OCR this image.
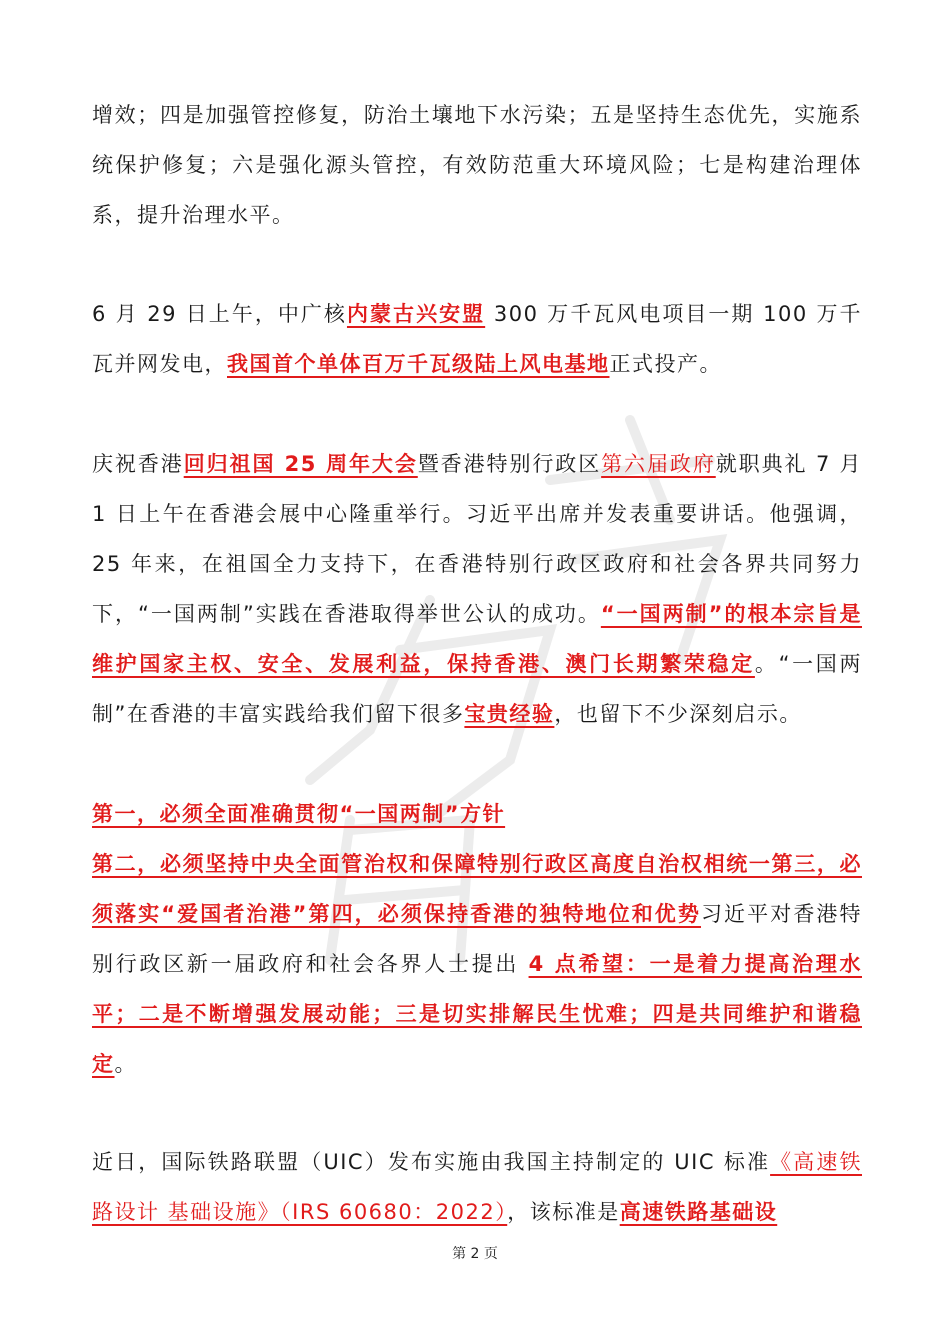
增效；四是加强管控修复，防治土壤地下水污染；五是坚持生态优先，实施系统保护修复；六是强化源头管控，有效防范重大环境风险；七是构建治理体系，提升治理水平。

6 月 29 日上午，中广核内蒙古兴安盟 300 万千瓦风电项目一期 100 万千瓦并网发电，我国首个单体百万千瓦级陆上风电基地正式投产。

庆祝香港回归祖国 25 周年大会暨香港特别行政区第六届政府就职典礼 7 月 1 日上午在香港会展中心隆重举行。习近平出席并发表重要讲话。他强调，25 年来，在祖国全力支持下，在香港特别行政区政府和社会各界共同努力下，“一国两制”实践在香港取得举世公认的成功。“一国两制”的根本宗旨是维护国家主权、安全、发展利益，保持香港、澳门长期繁荣稳定。“一国两制”在香港的丰富实践给我们留下很多宝贵经验，也留下不少深刻启示。

第一，必须全面准确贯彻“一国两制”方针
第二，必须坚持中央全面管治权和保障特别行政区高度自治权相统一第三，必须落实“爱国者治港”第四，必须保持香港的独特地位和优势习近平对香港特别行政区新一届政府和社会各界人士提出 4 点希望：一是着力提高治理水平；二是不断增强发展动能；三是切实排解民生忧难；四是共同维护和谐稳定。

近日，国际铁路联盟（UIC）发布实施由我国主持制定的 UIC 标准《高速铁路设计 基础设施》（IRS 60680：2022），该标准是高速铁路基础设

第 2 页
